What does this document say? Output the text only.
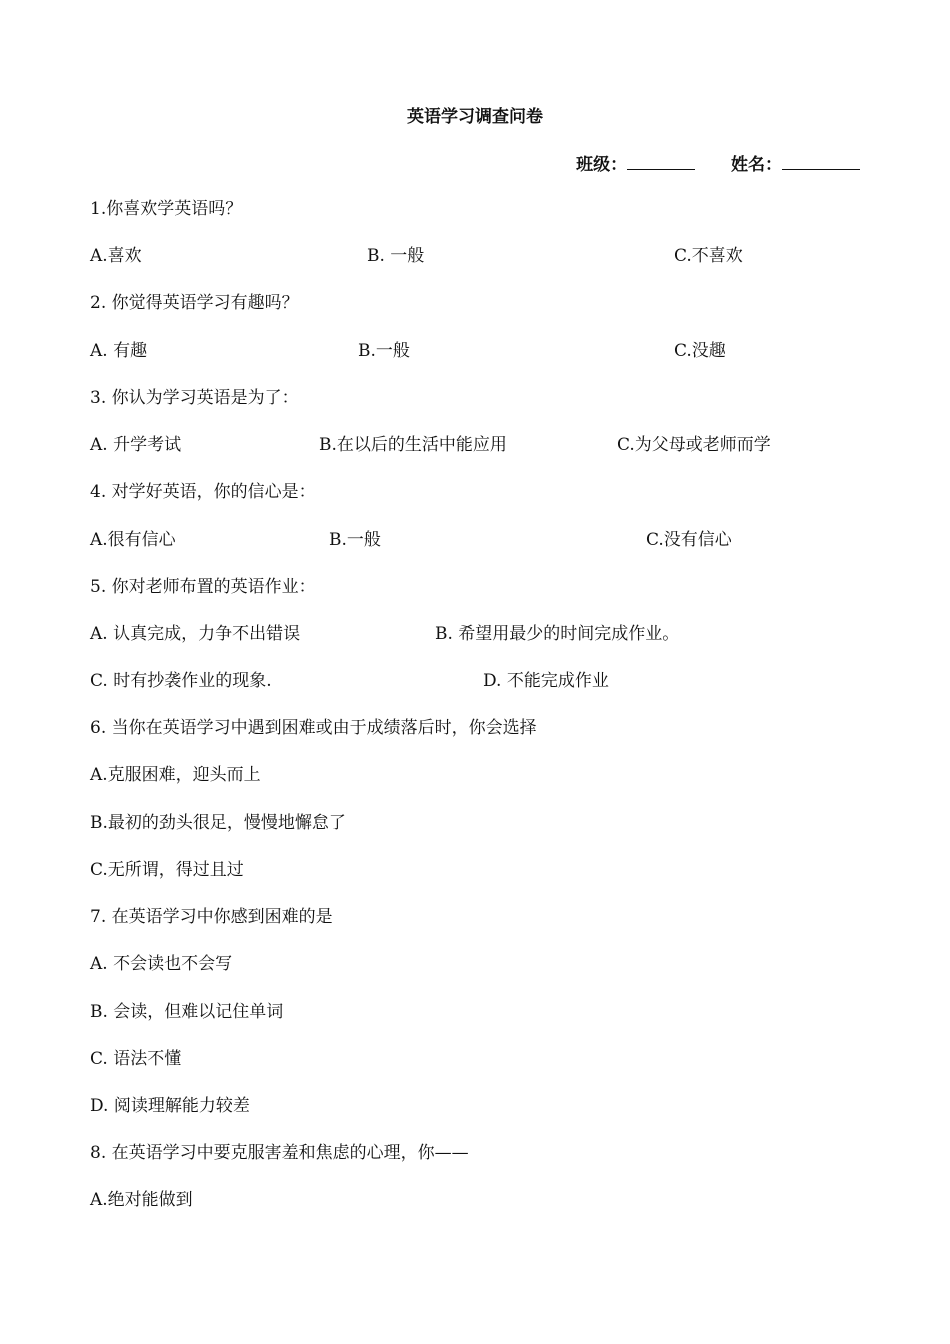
英语学习调查问卷
班级：	姓名：
1.你喜欢学英语吗？
A.喜欢	B. 一般	C.不喜欢
2. 你觉得英语学习有趣吗？
A. 有趣	B.一般	C.没趣
3. 你认为学习英语是为了：
A. 升学考试	B.在以后的生活中能应用	C.为父母或老师而学
4. 对学好英语，你的信心是：
A.很有信心	B.一般	C.没有信心
5. 你对老师布置的英语作业：
A. 认真完成，力争不出错误	B. 希望用最少的时间完成作业。
C. 时有抄袭作业的现象.	D. 不能完成作业
6. 当你在英语学习中遇到困难或由于成绩落后时，你会选择
A.克服困难，迎头而上
B.最初的劲头很足，慢慢地懈怠了
C.无所谓，得过且过
7. 在英语学习中你感到困难的是
A. 不会读也不会写
B. 会读，但难以记住单词
C. 语法不懂
D. 阅读理解能力较差
8. 在英语学习中要克服害羞和焦虑的心理，你——
A.绝对能做到
